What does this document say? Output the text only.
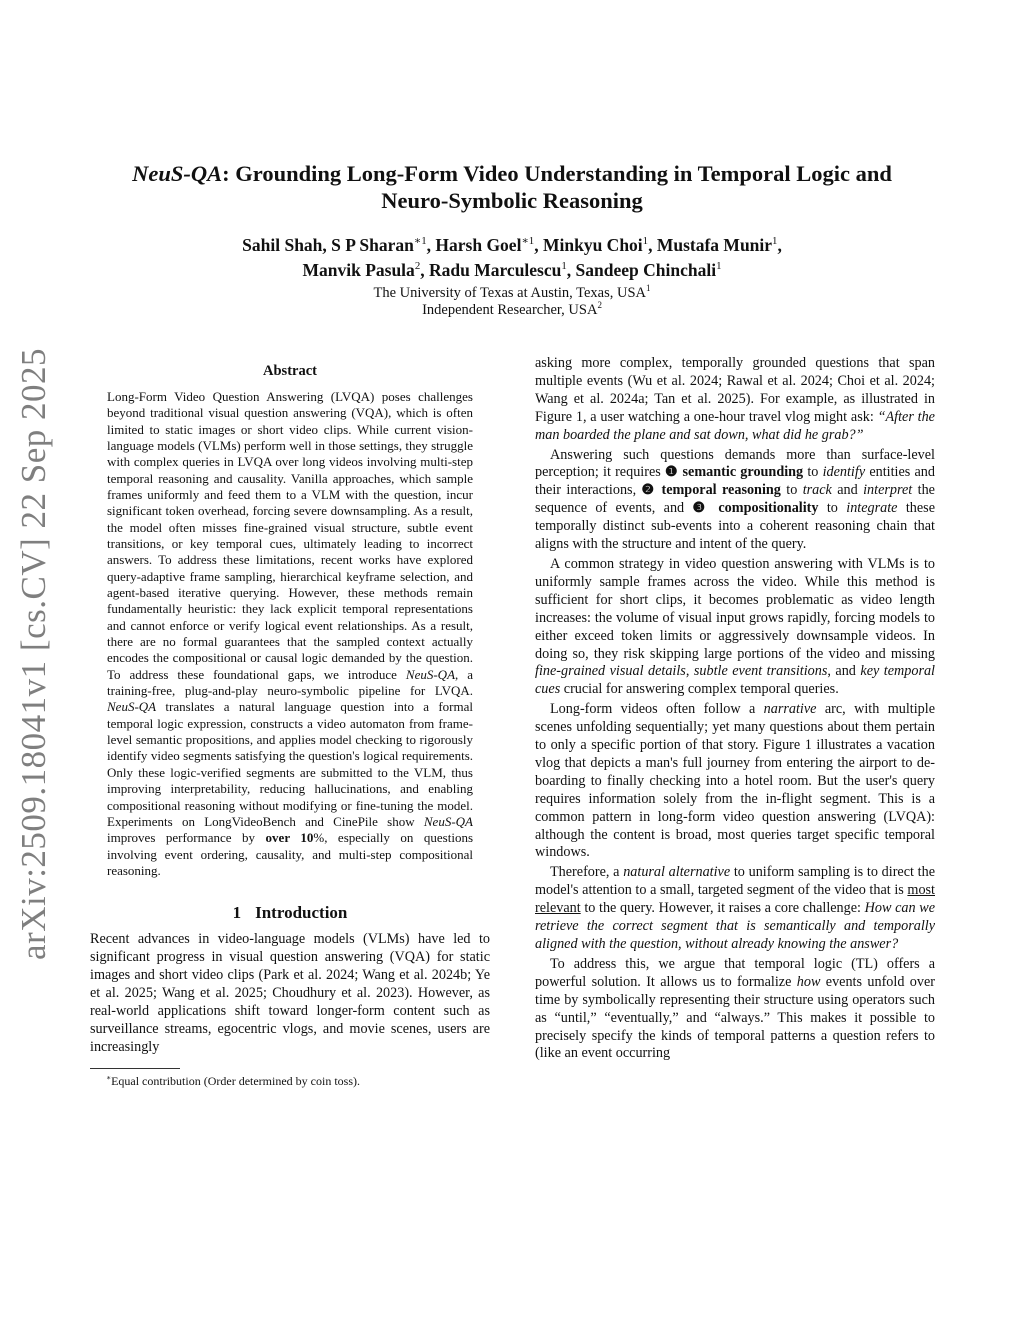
arXiv:2509.18041v1 [cs.CV] 22 Sep 2025
NeuS-QA: Grounding Long-Form Video Understanding in Temporal Logic and
Neuro-Symbolic Reasoning
Sahil Shah, S P Sharan$^{∗1}$, Harsh Goel$^{∗1}$, Minkyu Choi$^1$, Mustafa Munir$^1$,
Manvik Pasula$^2$, Radu Marculescu$^1$, Sandeep Chinchali$^1$
The University of Texas at Austin, Texas, USA$^1$
Independent Researcher, USA$^2$
Abstract
Long-Form Video Question Answering (LVQA) poses challenges beyond traditional visual question answering (VQA), which is often limited to static images or short video clips. While current vision-language models (VLMs) perform well in those settings, they struggle with complex queries in LVQA over long videos involving multi-step temporal reasoning and causality. Vanilla approaches, which sample frames uniformly and feed them to a VLM with the question, incur significant token overhead, forcing severe downsampling. As a result, the model often misses fine-grained visual structure, subtle event transitions, or key temporal cues, ultimately leading to incorrect answers. To address these limitations, recent works have explored query-adaptive frame sampling, hierarchical keyframe selection, and agent-based iterative querying. However, these methods remain fundamentally heuristic: they lack explicit temporal representations and cannot enforce or verify logical event relationships. As a result, there are no formal guarantees that the sampled context actually encodes the compositional or causal logic demanded by the question. To address these foundational gaps, we introduce NeuS-QA, a training-free, plug-and-play neuro-symbolic pipeline for LVQA. NeuS-QA translates a natural language question into a formal temporal logic expression, constructs a video automaton from frame-level semantic propositions, and applies model checking to rigorously identify video segments satisfying the question's logical requirements. Only these logic-verified segments are submitted to the VLM, thus improving interpretability, reducing hallucinations, and enabling compositional reasoning without modifying or fine-tuning the model. Experiments on LongVideoBench and CinePile show NeuS-QA improves performance by over 10%, especially on questions involving event ordering, causality, and multi-step compositional reasoning.
1 Introduction

Recent advances in video-language models (VLMs) have led to significant progress in visual question answering (VQA) for static images and short video clips (Park et al. 2024; Wang et al. 2024b; Ye et al. 2025; Wang et al. 2025; Choudhury et al. 2023). However, as real-world applications shift toward longer-form content such as surveillance streams, egocentric vlogs, and movie scenes, users are increasingly

∗Equal contribution (Order determined by coin toss).

asking more complex, temporally grounded questions that span multiple events (Wu et al. 2024; Rawal et al. 2024; Choi et al. 2024; Wang et al. 2024a; Tan et al. 2025). For example, as illustrated in Figure 1, a user watching a one-hour travel vlog might ask: “After the man boarded the plane and sat down, what did he grab?”

Answering such questions demands more than surface-level perception; it requires ❶ semantic grounding to identify entities and their interactions, ❷ temporal reasoning to track and interpret the sequence of events, and ❸ compositionality to integrate these temporally distinct sub-events into a coherent reasoning chain that aligns with the structure and intent of the query.

A common strategy in video question answering with VLMs is to uniformly sample frames across the video. While this method is sufficient for short clips, it becomes problematic as video length increases: the volume of visual input grows rapidly, forcing models to either exceed token limits or aggressively downsample videos. In doing so, they risk skipping large portions of the video and missing fine-grained visual details, subtle event transitions, and key temporal cues crucial for answering complex temporal queries.

Long-form videos often follow a narrative arc, with multiple scenes unfolding sequentially; yet many questions about them pertain to only a specific portion of that story. Figure 1 illustrates a vacation vlog that depicts a man's full journey from entering the airport to de-boarding to finally checking into a hotel room. But the user's query requires information solely from the in-flight segment. This is a common pattern in long-form video question answering (LVQA): although the content is broad, most queries target specific temporal windows.

Therefore, a natural alternative to uniform sampling is to direct the model's attention to a small, targeted segment of the video that is most relevant to the query. However, it raises a core challenge: How can we retrieve the correct segment that is semantically and temporally aligned with the question, without already knowing the answer?

To address this, we argue that temporal logic (TL) offers a powerful solution. It allows us to formalize how events unfold over time by symbolically representing their structure using operators such as “until,” “eventually,” and “always.” This makes it possible to precisely specify the kinds of temporal patterns a question refers to (like an event occurring
